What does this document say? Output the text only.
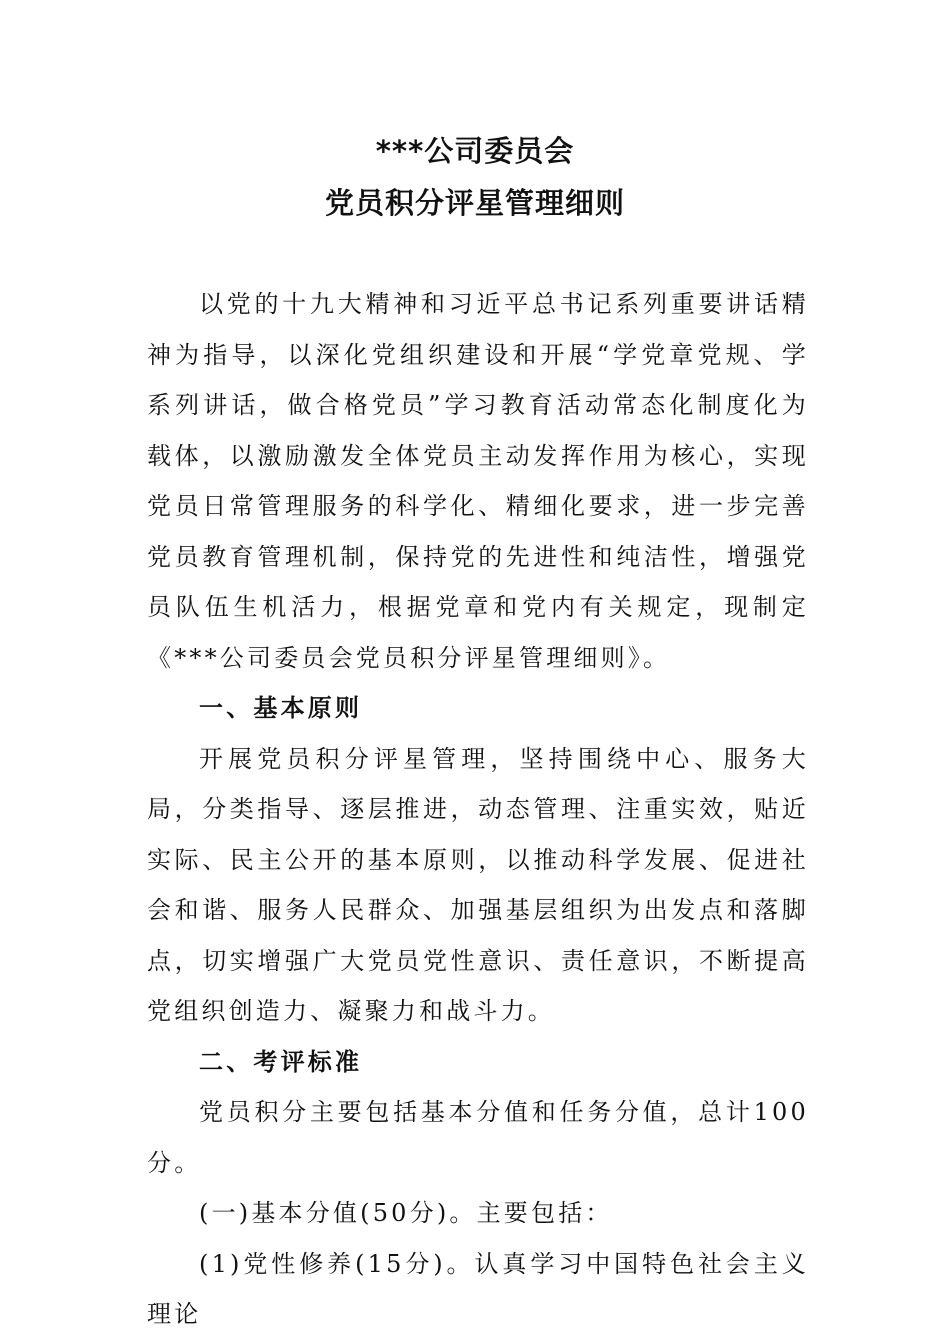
***公司委员会
党员积分评星管理细则

以党的十九大精神和习近平总书记系列重要讲话精神为指导，以深化党组织建设和开展“学党章党规、学系列讲话，做合格党员”学习教育活动常态化制度化为载体，以激励激发全体党员主动发挥作用为核心，实现党员日常管理服务的科学化、精细化要求，进一步完善党员教育管理机制，保持党的先进性和纯洁性，增强党员队伍生机活力，根据党章和党内有关规定，现制定《***公司委员会党员积分评星管理细则》。

一、基本原则

开展党员积分评星管理，坚持围绕中心、服务大局，分类指导、逐层推进，动态管理、注重实效，贴近实际、民主公开的基本原则，以推动科学发展、促进社会和谐、服务人民群众、加强基层组织为出发点和落脚点，切实增强广大党员党性意识、责任意识，不断提高党组织创造力、凝聚力和战斗力。

二、考评标准

党员积分主要包括基本分值和任务分值，总计100分。

(一)基本分值(50分)。主要包括：

(1)党性修养(15分)。认真学习中国特色社会主义理论
